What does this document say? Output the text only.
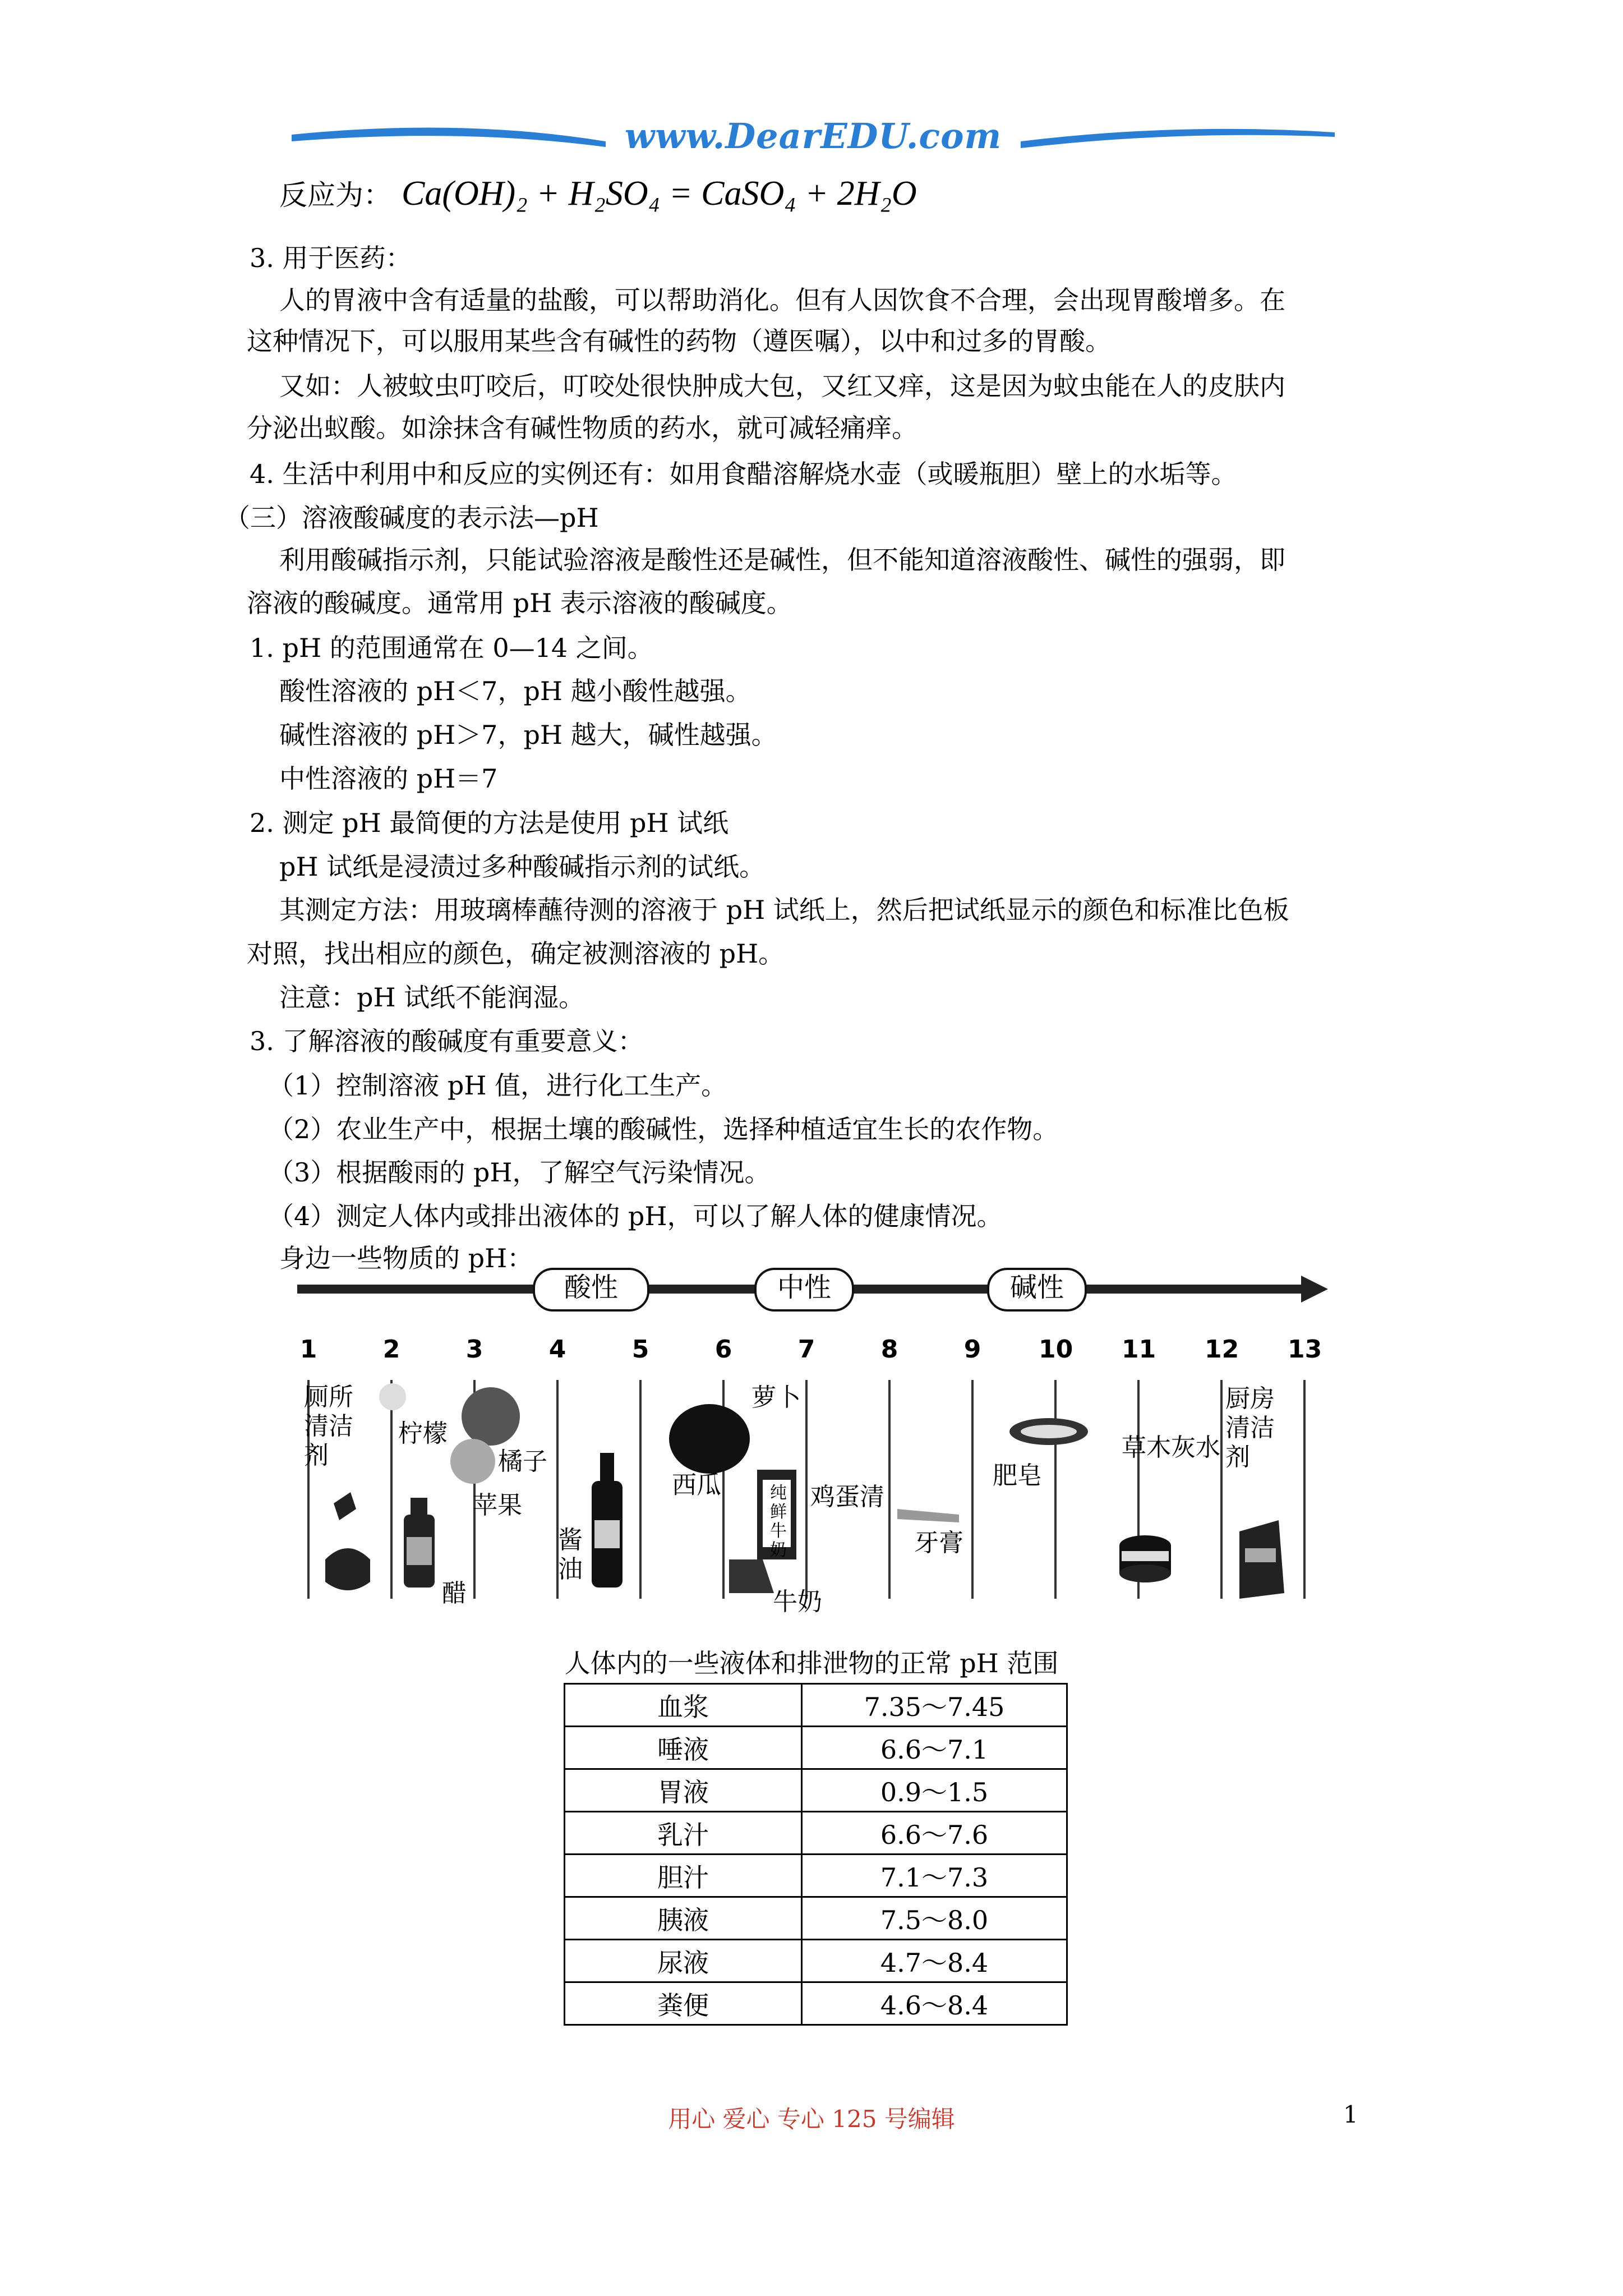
www.DearEDU.com
反应为： Ca(OH)₂ + H₂SO₄ = CaSO₄ + 2H₂O
3. 用于医药：
人的胃液中含有适量的盐酸，可以帮助消化。但有人因饮食不合理，会出现胃酸增多。在
这种情况下，可以服用某些含有碱性的药物（遵医嘱），以中和过多的胃酸。
又如：人被蚊虫叮咬后，叮咬处很快肿成大包，又红又痒，这是因为蚊虫能在人的皮肤内
分泌出蚁酸。如涂抹含有碱性物质的药水，就可减轻痛痒。
4. 生活中利用中和反应的实例还有：如用食醋溶解烧水壶（或暖瓶胆）壁上的水垢等。
（三）溶液酸碱度的表示法—pH
利用酸碱指示剂，只能试验溶液是酸性还是碱性，但不能知道溶液酸性、碱性的强弱，即
溶液的酸碱度。通常用 pH 表示溶液的酸碱度。
1. pH 的范围通常在 0—14 之间。
酸性溶液的 pH＜7，pH 越小酸性越强。
碱性溶液的 pH＞7，pH 越大，碱性越强。
中性溶液的 pH＝7
2. 测定 pH 最简便的方法是使用 pH 试纸
pH 试纸是浸渍过多种酸碱指示剂的试纸。
其测定方法：用玻璃棒蘸待测的溶液于 pH 试纸上，然后把试纸显示的颜色和标准比色板
对照，找出相应的颜色，确定被测溶液的 pH。
注意：pH 试纸不能润湿。
3. 了解溶液的酸碱度有重要意义：
（1）控制溶液 pH 值，进行化工生产。
（2）农业生产中，根据土壤的酸碱性，选择种植适宜生长的农作物。
（3）根据酸雨的 pH，了解空气污染情况。
（4）测定人体内或排出液体的 pH，可以了解人体的健康情况。
身边一些物质的 pH：
酸性	中性	碱性
1	2	3	4	5	6	7	8	9	10 11 12 13
厕所清洁剂
柠檬
醋
苹果
橘子
酱油
西瓜
萝卜
纯鲜牛奶
牛奶
鸡蛋清
牙膏
肥皂
草木灰水
厨房清洁剂
人体内的一些液体和排泄物的正常 pH 范围
血浆	7.35～7.45
唾液	6.6～7.1
胃液	0.9～1.5
乳汁	6.6～7.6
胆汁	7.1～7.3
胰液	7.5～8.0
尿液	4.7～8.4
粪便	4.6～8.4
用心 爱心 专心 125 号编辑	1
